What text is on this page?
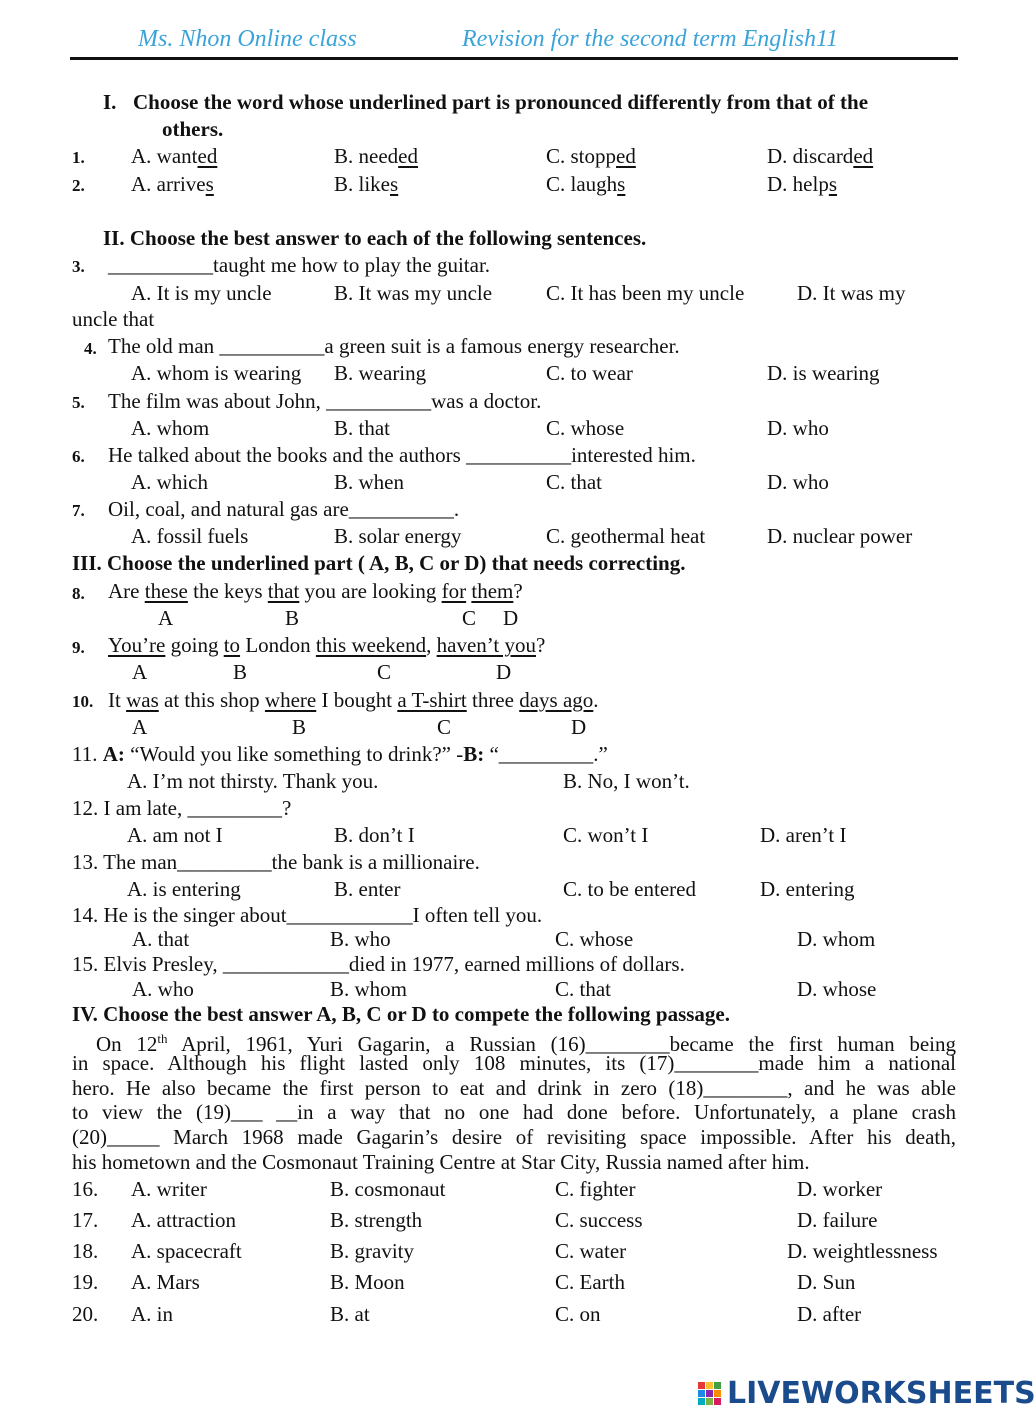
Ms. Nhon Online class	Revision for the second term English11
I. Choose the word whose underlined part is pronounced differently from that of the
others.
1. A. wanted	B. needed	C. stopped	D. discarded
2. A. arrives	B. likes	C. laughs	D. helps
II. Choose the best answer to each of the following sentences.
3. __________taught me how to play the guitar.
A. It is my uncle	B. It was my uncle	C. It has been my uncle	D. It was my
uncle that
4. The old man __________a green suit is a famous energy researcher.
A. whom is wearing B. wearing	C. to wear	D. is wearing
5. The film was about John, __________was a doctor.
A. whom	B. that	C. whose	D. who
6. He talked about the books and the authors __________interested him.
A. which	B. when	C. that	D. who
7. Oil, coal, and natural gas are__________.
A. fossil fuels	B. solar energy	C. geothermal heat	D. nuclear power
III. Choose the underlined part ( A, B, C or D) that needs correcting.
8. Are these the keys that you are looking for them?
A	B	C D
9. You’re going to London this weekend, haven’t you?
A	B	C	D
10. It was at this shop where I bought a T-shirt three days ago.
A	B	C	D
11. A: “Would you like something to drink?” -B: “_________.”
A. I’m not thirsty. Thank you.	B. No, I won’t.
12. I am late, _________?
A. am not I	B. don’t I	C. won’t I	D. aren’t I
13. The man_________the bank is a millionaire.
A. is entering	B. enter	C. to be entered	D. entering
14. He is the singer about____________I often tell you.
A. that	B. who	C. whose	D. whom
15. Elvis Presley, ____________died in 1977, earned millions of dollars.
A. who	B. whom	C. that	D. whose
IV. Choose the best answer A, B, C or D to compete the following passage.
On 12th April, 1961, Yuri Gagarin, a Russian (16)________became the first human being
in space. Although his flight lasted only 108 minutes, its (17)________made him a national
hero. He also became the first person to eat and drink in zero (18)________, and he was able
to view the (19)___ __in a way that no one had done before. Unfortunately, a plane crash
(20)_____ March 1968 made Gagarin’s desire of revisiting space impossible. After his death,
his hometown and the Cosmonaut Training Centre at Star City, Russia named after him.
16. A. writer	B. cosmonaut	C. fighter	D. worker
17. A. attraction	B. strength	C. success	D. failure
18. A. spacecraft	B. gravity	C. water	D. weightlessness
19. A. Mars	B. Moon	C. Earth	D. Sun
20. A. in	B. at	C. on	D. after
LIVEWORKSHEETS
